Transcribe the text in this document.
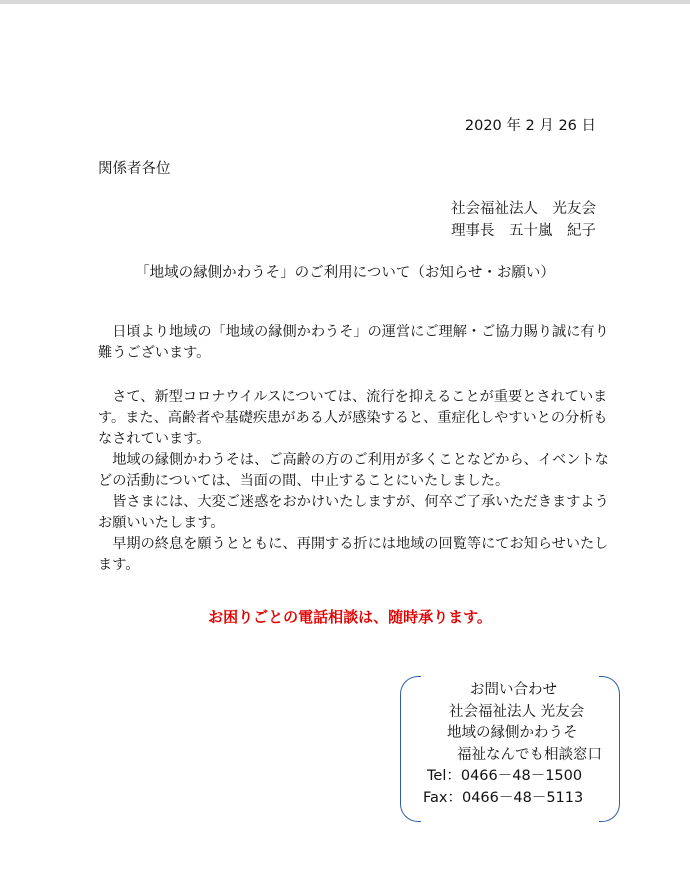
2020 年 2 月 26 日
関係者各位
社会福祉法人　光友会
理事長　五十嵐　紀子
「地域の縁側かわうそ」のご利用について（お知らせ・お願い）

日頃より地域の「地域の縁側かわうそ」の運営にご理解・ご協力賜り誠に有り難うございます。

さて、新型コロナウイルスについては、流行を抑えることが重要とされています。また、高齢者や基礎疾患がある人が感染すると、重症化しやすいとの分析もなされています。

地域の縁側かわうそは、ご高齢の方のご利用が多くことなどから、イベントなどの活動については、当面の間、中止することにいたしました。

皆さまには、大変ご迷惑をおかけいたしますが、何卒ご了承いただきますようお願いいたします。

早期の終息を願うとともに、再開する折には地域の回覧等にてお知らせいたします。

お困りごとの電話相談は、随時承ります。
お問い合わせ
社会福祉法人 光友会
地域の縁側かわうそ
福祉なんでも相談窓口
Tel：0466－48－1500
Fax：0466－48－5113
